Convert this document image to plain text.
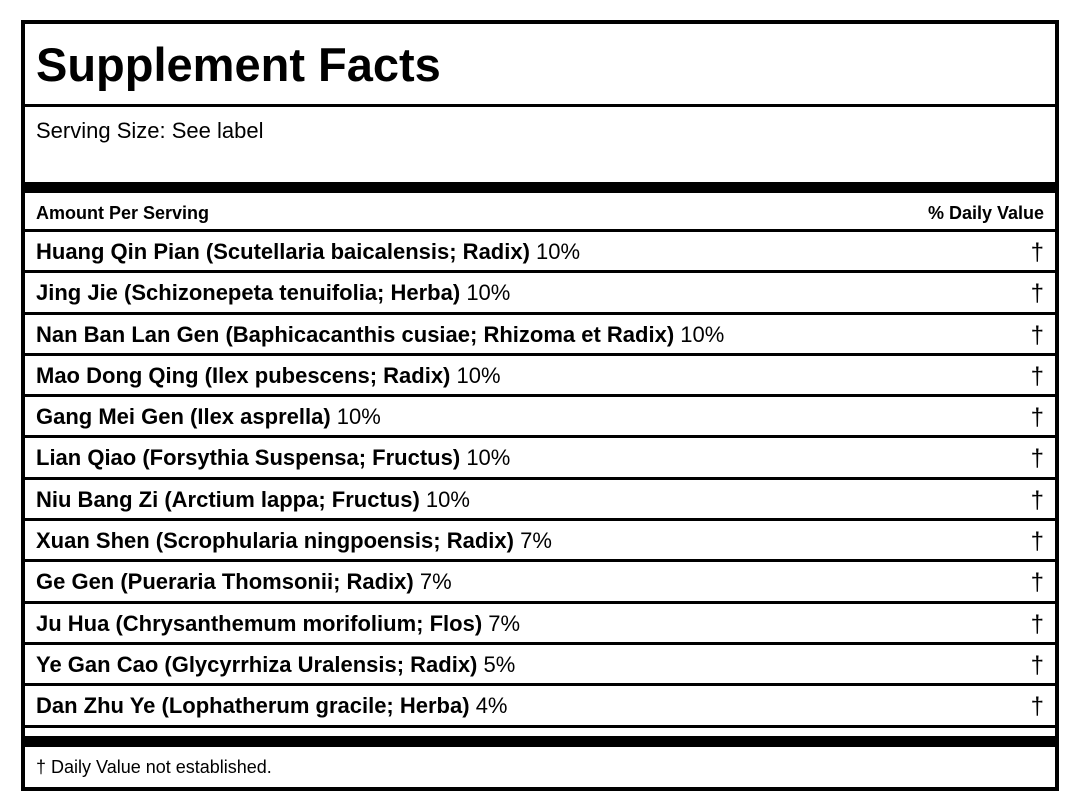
Supplement Facts
Serving Size: See label
Amount Per Serving	% Daily Value
Huang Qin Pian (Scutellaria baicalensis; Radix) 10%	†
Jing Jie (Schizonepeta tenuifolia; Herba) 10%	†
Nan Ban Lan Gen (Baphicacanthis cusiae; Rhizoma et Radix) 10%	†
Mao Dong Qing (Ilex pubescens; Radix) 10%	†
Gang Mei Gen (Ilex asprella) 10%	†
Lian Qiao (Forsythia Suspensa; Fructus) 10%	†
Niu Bang Zi (Arctium lappa; Fructus) 10%	†
Xuan Shen (Scrophularia ningpoensis; Radix) 7%	†
Ge Gen (Pueraria Thomsonii; Radix) 7%	†
Ju Hua (Chrysanthemum morifolium; Flos) 7%	†
Ye Gan Cao (Glycyrrhiza Uralensis; Radix) 5%	†
Dan Zhu Ye (Lophatherum gracile; Herba) 4%	†
† Daily Value not established.
